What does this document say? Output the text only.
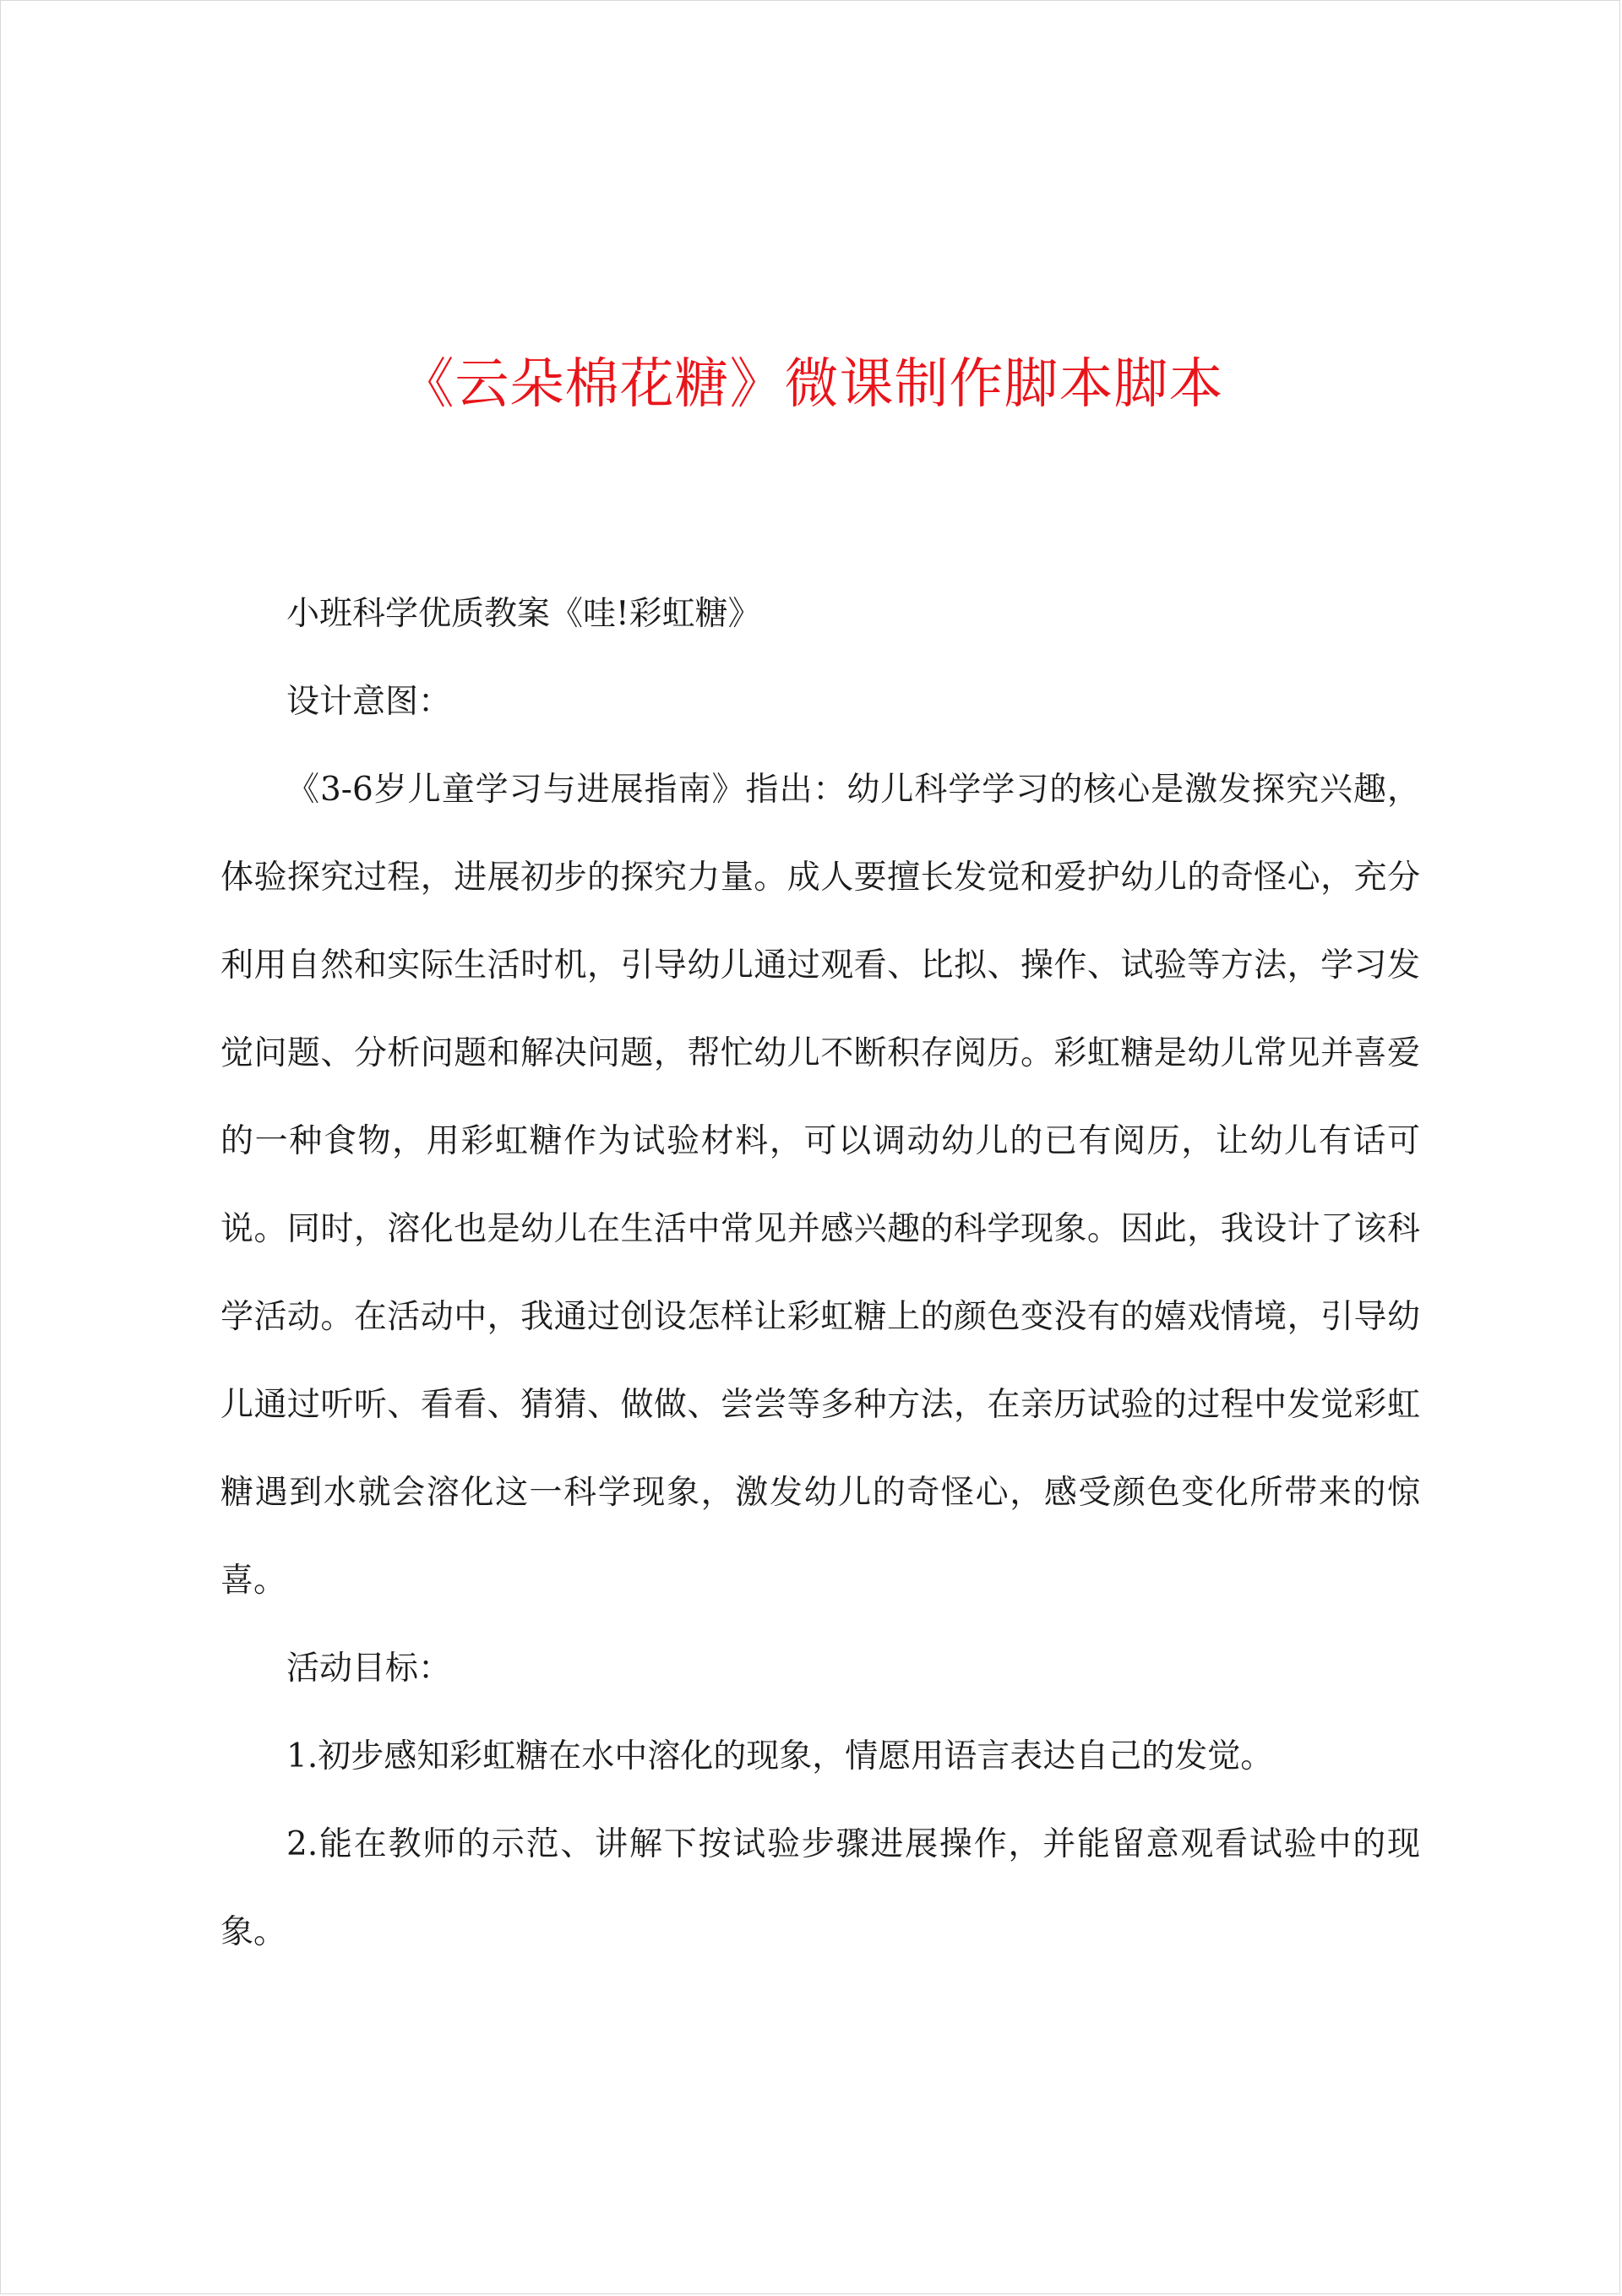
《云朵棉花糖》微课制作脚本脚本

小班科学优质教案《哇!彩虹糖》

设计意图：

《3-6岁儿童学习与进展指南》指出：幼儿科学学习的核心是激发探究兴趣，体验探究过程，进展初步的探究力量。成人要擅长发觉和爱护幼儿的奇怪心，充分利用自然和实际生活时机，引导幼儿通过观看、比拟、操作、试验等方法，学习发觉问题、分析问题和解决问题，帮忙幼儿不断积存阅历。彩虹糖是幼儿常见并喜爱的一种食物，用彩虹糖作为试验材料，可以调动幼儿的已有阅历，让幼儿有话可说。同时，溶化也是幼儿在生活中常见并感兴趣的科学现象。因此，我设计了该科学活动。在活动中，我通过创设怎样让彩虹糖上的颜色变没有的嬉戏情境，引导幼儿通过听听、看看、猜猜、做做、尝尝等多种方法，在亲历试验的过程中发觉彩虹糖遇到水就会溶化这一科学现象，激发幼儿的奇怪心，感受颜色变化所带来的惊喜。

活动目标：

1.初步感知彩虹糖在水中溶化的现象，情愿用语言表达自己的发觉。

2.能在教师的示范、讲解下按试验步骤进展操作，并能留意观看试验中的现象。
